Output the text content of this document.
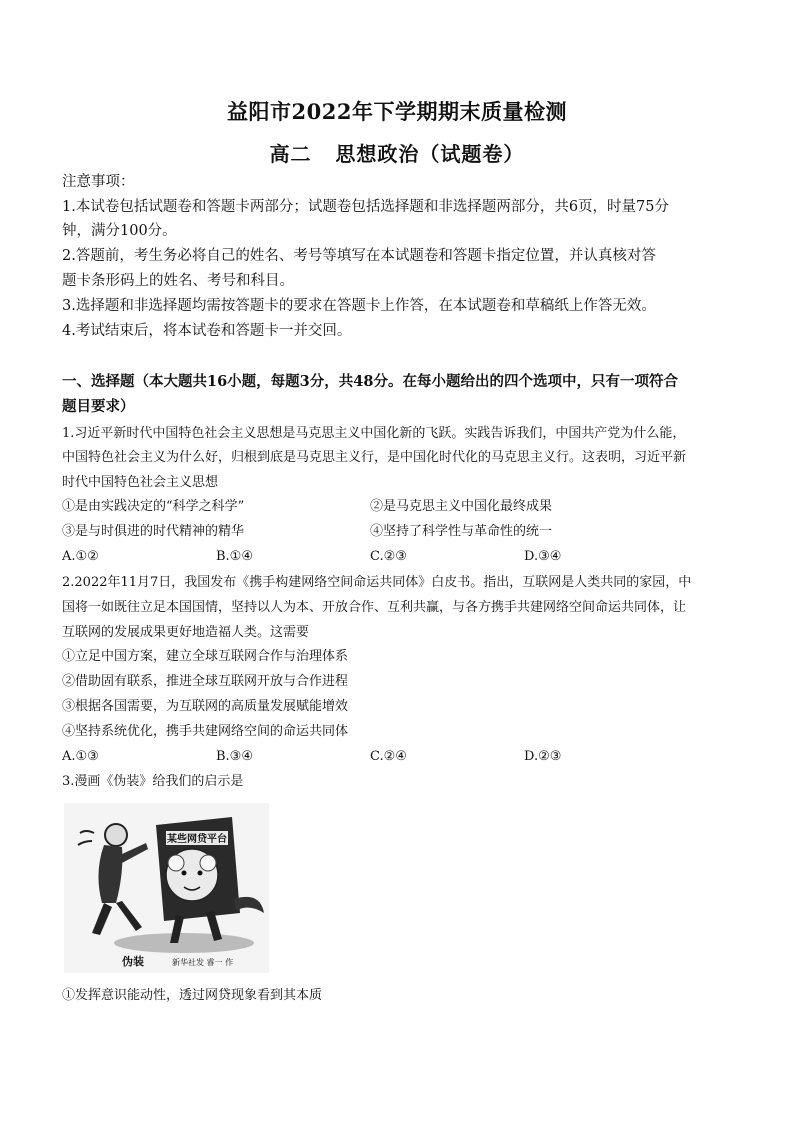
益阳市2022年下学期期末质量检测
高二   思想政治（试题卷）
注意事项：
1.本试卷包括试题卷和答题卡两部分；试题卷包括选择题和非选择题两部分，共6页，时量75分
钟，满分100分。
2.答题前，考生务必将自己的姓名、考号等填写在本试题卷和答题卡指定位置，并认真核对答
题卡条形码上的姓名、考号和科目。
3.选择题和非选择题均需按答题卡的要求在答题卡上作答，在本试题卷和草稿纸上作答无效。
4.考试结束后，将本试卷和答题卡一并交回。
一、选择题（本大题共16小题，每题3分，共48分。在每小题给出的四个选项中，只有一项符合
题目要求）
1.习近平新时代中国特色社会主义思想是马克思主义中国化新的飞跃。实践告诉我们，中国共产党为什么能，
中国特色社会主义为什么好，归根到底是马克思主义行，是中国化时代化的马克思主义行。这表明，习近平新
时代中国特色社会主义思想
①是由实践决定的“科学之科学”	②是马克思主义中国化最终成果
③是与时俱进的时代精神的精华	④坚持了科学性与革命性的统一
A.①②	B.①④	C.②③	D.③④
2.2022年11月7日，我国发布《携手构建网络空间命运共同体》白皮书。指出，互联网是人类共同的家园，中
国将一如既往立足本国国情，坚持以人为本、开放合作、互利共赢，与各方携手共建网络空间命运共同体，让
互联网的发展成果更好地造福人类。这需要
①立足中国方案，建立全球互联网合作与治理体系
②借助固有联系，推进全球互联网开放与合作进程
③根据各国需要，为互联网的高质量发展赋能增效
④坚持系统优化，携手共建网络空间的命运共同体
A.①③	B.③④	C.②④	D.②③
3.漫画《伪装》给我们的启示是
某些网贷平台
伪装	新华社发 睿一 作
①发挥意识能动性，透过网贷现象看到其本质
